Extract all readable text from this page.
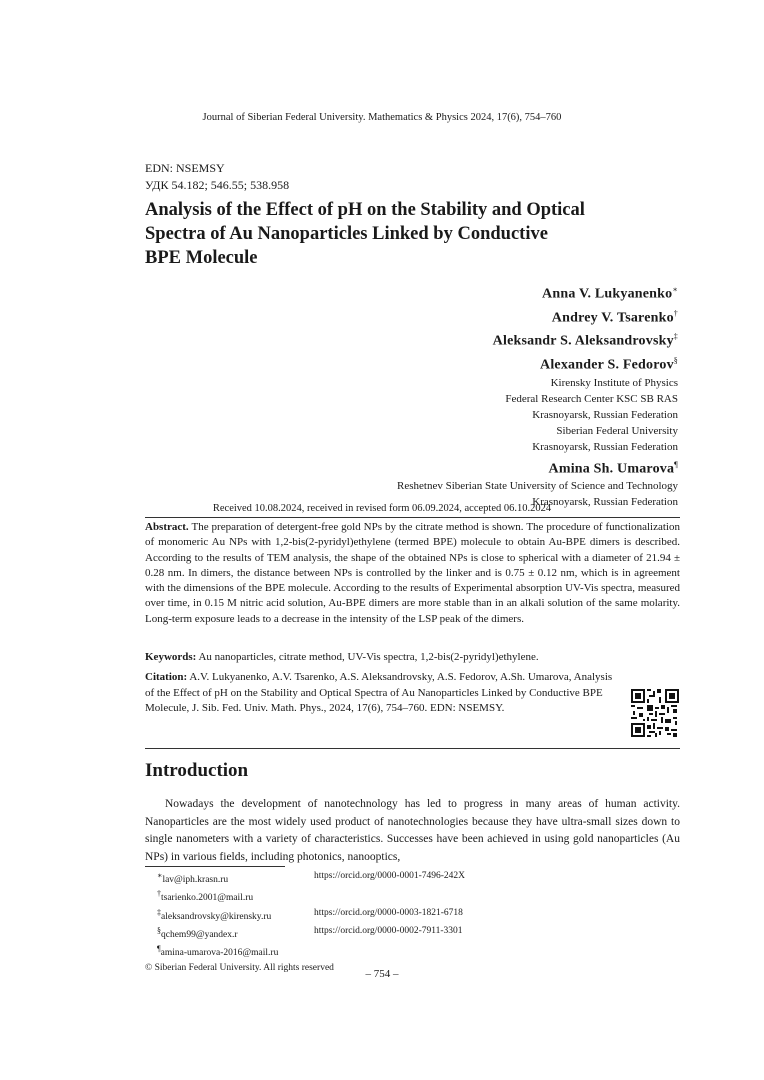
Journal of Siberian Federal University. Mathematics & Physics 2024, 17(6), 754–760
EDN: NSEMSY
УДК 54.182; 546.55; 538.958
Analysis of the Effect of pH on the Stability and Optical
Spectra of Au Nanoparticles Linked by Conductive
BPE Molecule
Anna V. Lukyanenko∗
Andrey V. Tsarenko†
Aleksandr S. Aleksandrovsky‡
Alexander S. Fedorov§
Kirensky Institute of Physics
Federal Research Center KSC SB RAS
Krasnoyarsk, Russian Federation
Siberian Federal University
Krasnoyarsk, Russian Federation
Amina Sh. Umarova¶
Reshetnev Siberian State University of Science and Technology
Krasnoyarsk, Russian Federation
Received 10.08.2024, received in revised form 06.09.2024, accepted 06.10.2024
Abstract. The preparation of detergent-free gold NPs by the citrate method is shown. The procedure of functionalization of monomeric Au NPs with 1,2-bis(2-pyridyl)ethylene (termed BPE) molecule to obtain Au-BPE dimers is described. According to the results of TEM analysis, the shape of the obtained NPs is close to spherical with a diameter of 21.94 ± 0.28 nm. In dimers, the distance between NPs is controlled by the linker and is 0.75 ± 0.12 nm, which is in agreement with the dimensions of the BPE molecule. According to the results of Experimental absorption UV-Vis spectra, measured over time, in 0.15 M nitric acid solution, Au-BPE dimers are more stable than in an alkali solution of the same molarity. Long-term exposure leads to a decrease in the intensity of the LSP peak of the dimers.
Keywords: Au nanoparticles, citrate method, UV-Vis spectra, 1,2-bis(2-pyridyl)ethylene.
Citation: A.V. Lukyanenko, A.V. Tsarenko, A.S. Aleksandrovsky, A.S. Fedorov, A.Sh. Umarova, Analysis of the Effect of pH on the Stability and Optical Spectra of Au Nanoparticles Linked by Conductive BPE Molecule, J. Sib. Fed. Univ. Math. Phys., 2024, 17(6), 754–760. EDN: NSEMSY.
Introduction

Nowadays the development of nanotechnology has led to progress in many areas of human activity. Nanoparticles are the most widely used product of nanotechnologies because they have ultra-small sizes down to single nanometers with a variety of characteristics. Successes have been achieved in using gold nanoparticles (Au NPs) in various fields, including photonics, nanooptics,

∗lav@iph.krasn.ru	https://orcid.org/0000-0001-7496-242X
†tsarienko.2001@mail.ru
‡aleksandrovsky@kirensky.ru	https://orcid.org/0000-0003-1821-6718
§qchem99@yandex.r	https://orcid.org/0000-0002-7911-3301
¶amina-umarova-2016@mail.ru
© Siberian Federal University. All rights reserved
– 754 –
